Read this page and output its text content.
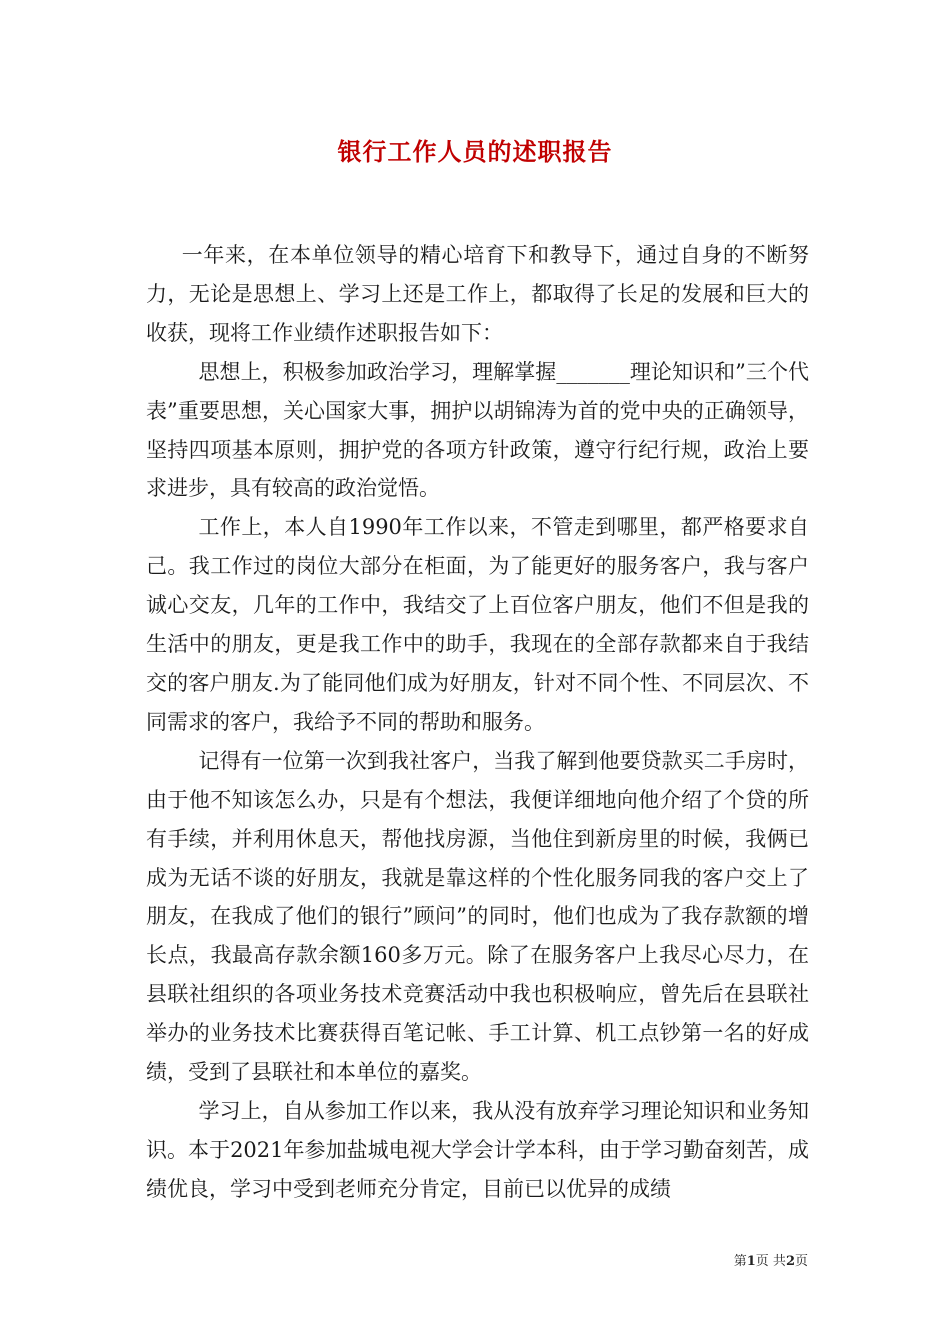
银行工作人员的述职报告

一年来，在本单位领导的精心培育下和教导下，通过自身的不断努力，无论是思想上、学习上还是工作上，都取得了长足的发展和巨大的收获，现将工作业绩作述职报告如下：

思想上，积极参加政治学习，理解掌握_______理论知识和”三个代表”重要思想，关心国家大事，拥护以胡锦涛为首的党中央的正确领导，坚持四项基本原则，拥护党的各项方针政策，遵守行纪行规，政治上要求进步，具有较高的政治觉悟。

工作上，本人自1990年工作以来，不管走到哪里，都严格要求自己。我工作过的岗位大部分在柜面，为了能更好的服务客户，我与客户诚心交友，几年的工作中，我结交了上百位客户朋友，他们不但是我的生活中的朋友，更是我工作中的助手，我现在的全部存款都来自于我结交的客户朋友.为了能同他们成为好朋友，针对不同个性、不同层次、不同需求的客户，我给予不同的帮助和服务。

记得有一位第一次到我社客户，当我了解到他要贷款买二手房时，由于他不知该怎么办，只是有个想法，我便详细地向他介绍了个贷的所有手续，并利用休息天，帮他找房源，当他住到新房里的时候，我俩已成为无话不谈的好朋友，我就是靠这样的个性化服务同我的客户交上了朋友，在我成了他们的银行”顾问”的同时，他们也成为了我存款额的增长点，我最高存款余额160多万元。除了在服务客户上我尽心尽力，在县联社组织的各项业务技术竞赛活动中我也积极响应，曾先后在县联社举办的业务技术比赛获得百笔记帐、手工计算、机工点钞第一名的好成绩，受到了县联社和本单位的嘉奖。

学习上，自从参加工作以来，我从没有放弃学习理论知识和业务知识。本于2021年参加盐城电视大学会计学本科，由于学习勤奋刻苦，成绩优良，学习中受到老师充分肯定，目前已以优异的成绩

第1页 共2页
